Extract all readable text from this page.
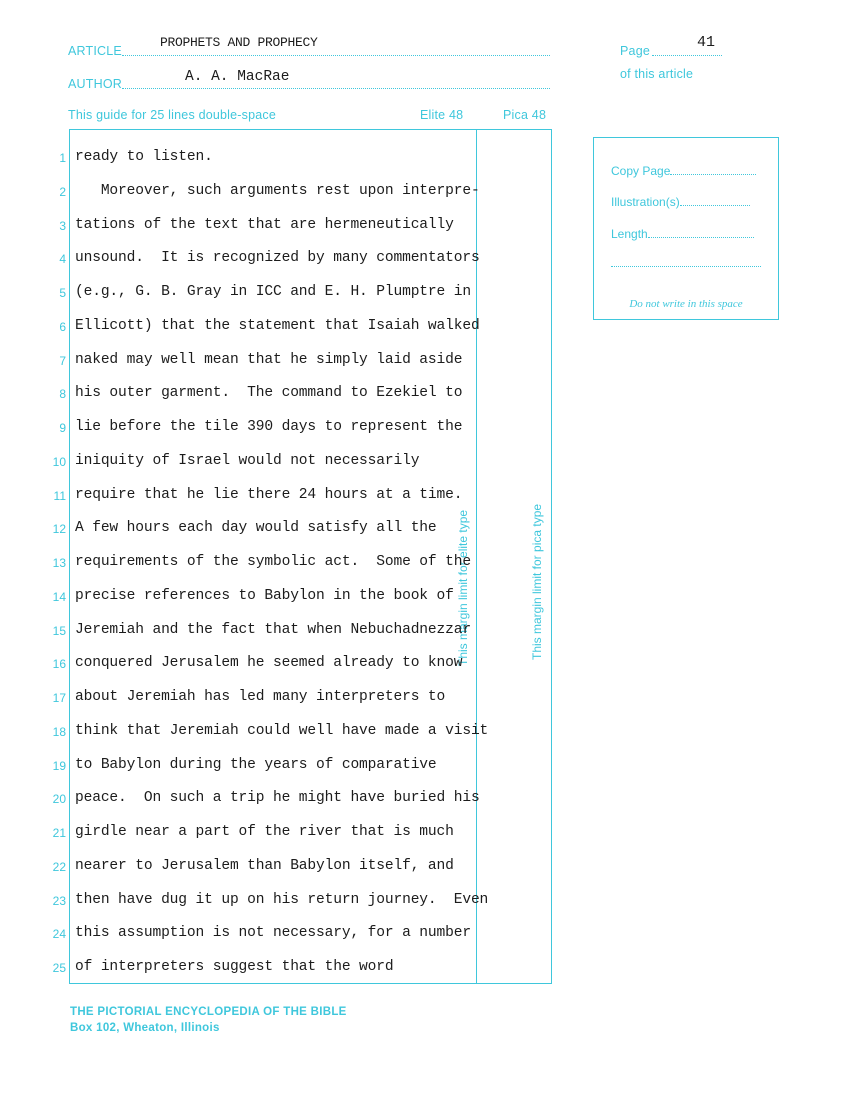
ARTICLE
PROPHETS AND PROPHECY
AUTHOR	A. A. MacRae
Page	41
of this article
This guide for 25 lines double-space	Elite 48	Pica 48
This margin limit for elite type	This margin limit for pica type
1 ready to listen.
2 Moreover, such arguments rest upon interpre-
3 tations of the text that are hermeneutically
4 unsound.  It is recognized by many commentators
5 (e.g., G. B. Gray in ICC and E. H. Plumptre in
6 Ellicott) that the statement that Isaiah walked
7 naked may well mean that he simply laid aside
8 his outer garment.  The command to Ezekiel to
9 lie before the tile 390 days to represent the
10 iniquity of Israel would not necessarily
11 require that he lie there 24 hours at a time.
12 A few hours each day would satisfy all the
13 requirements of the symbolic act.  Some of the
14 precise references to Babylon in the book of
15 Jeremiah and the fact that when Nebuchadnezzar
16 conquered Jerusalem he seemed already to know
17 about Jeremiah has led many interpreters to
18 think that Jeremiah could well have made a visit
19 to Babylon during the years of comparative
20 peace.  On such a trip he might have buried his
21 girdle near a part of the river that is much
22 nearer to Jerusalem than Babylon itself, and
23 then have dug it up on his return journey.  Even
24 this assumption is not necessary, for a number
25 of interpreters suggest that the word
Copy Page
Illustration(s)
Length
Do not write in this space
THE PICTORIAL ENCYCLOPEDIA OF THE BIBLE
Box 102, Wheaton, Illinois
